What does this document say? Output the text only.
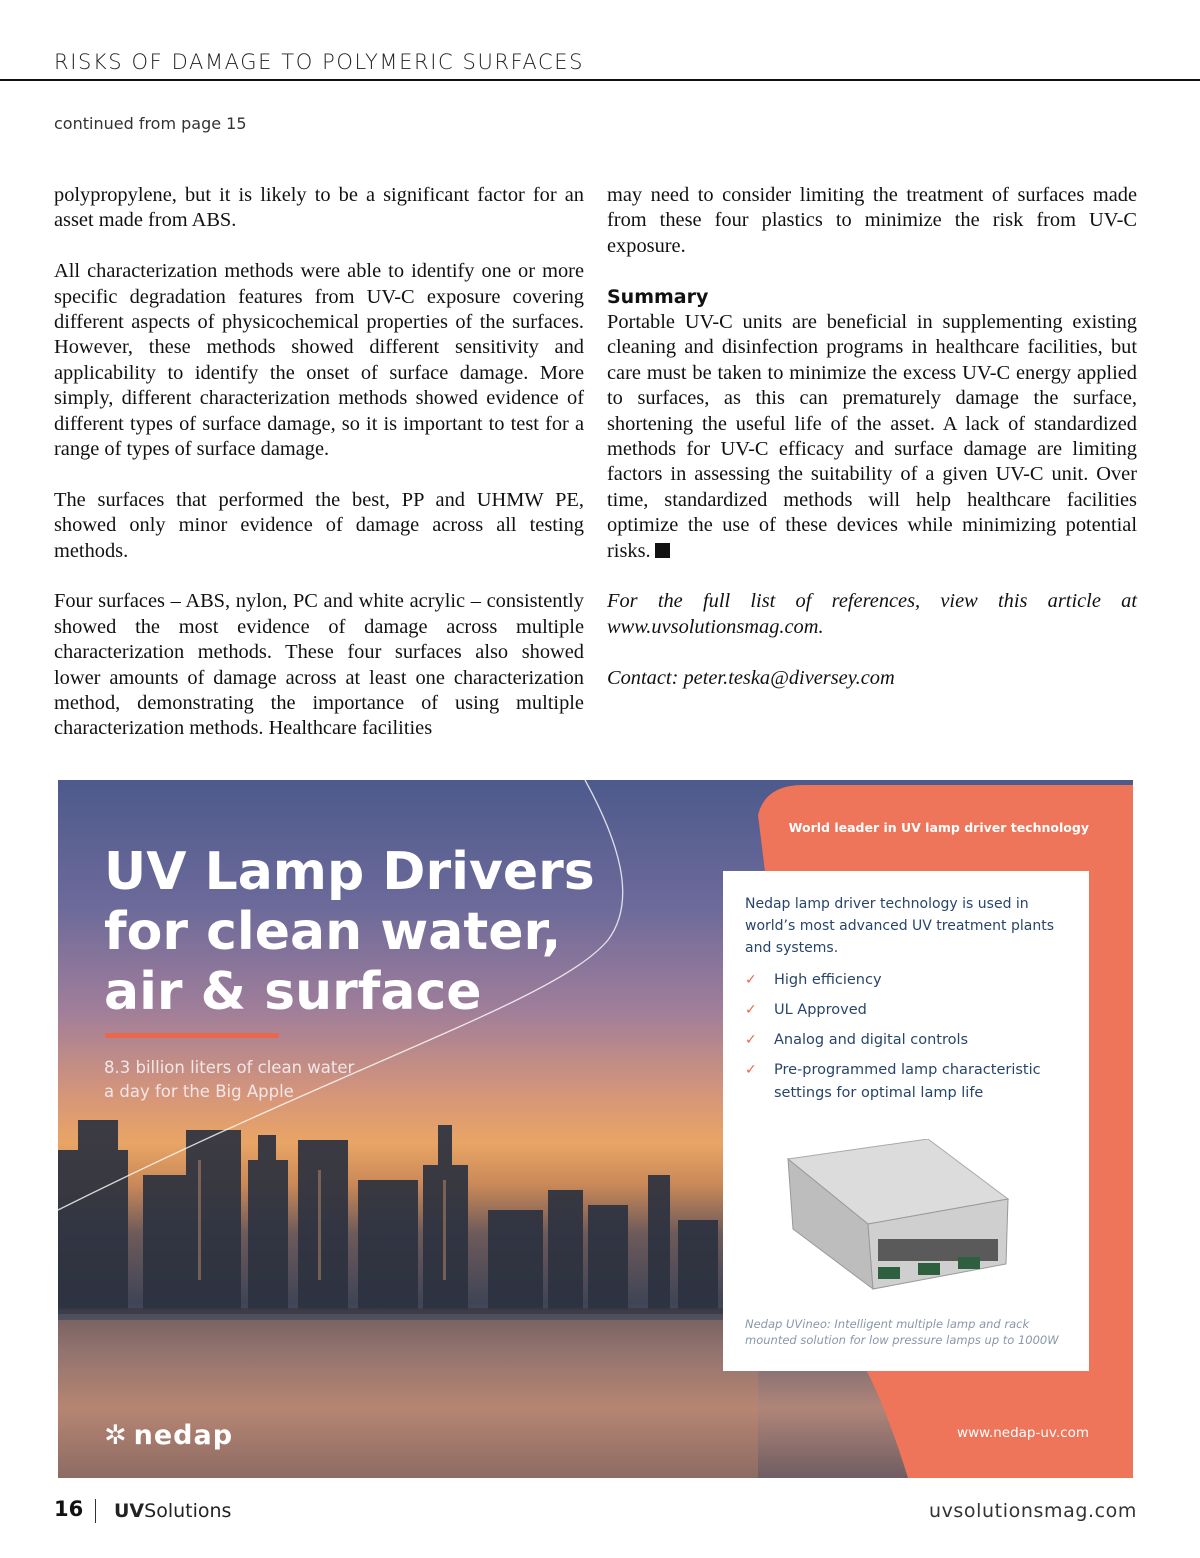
RISKS OF DAMAGE TO POLYMERIC SURFACES
continued from page 15

polypropylene, but it is likely to be a significant factor for an asset made from ABS.

All characterization methods were able to identify one or more specific degradation features from UV-C exposure covering different aspects of physicochemical properties of the surfaces. However, these methods showed different sensitivity and applicability to identify the onset of surface damage. More simply, different characterization methods showed evidence of different types of surface damage, so it is important to test for a range of types of surface damage.

The surfaces that performed the best, PP and UHMW PE, showed only minor evidence of damage across all testing methods.

Four surfaces – ABS, nylon, PC and white acrylic – consistently showed the most evidence of damage across multiple characterization methods. These four surfaces also showed lower amounts of damage across at least one characterization method, demonstrating the importance of using multiple characterization methods. Healthcare facilities

may need to consider limiting the treatment of surfaces made from these four plastics to minimize the risk from UV-C exposure.

Summary

Portable UV-C units are beneficial in supplementing existing cleaning and disinfection programs in healthcare facilities, but care must be taken to minimize the excess UV-C energy applied to surfaces, as this can prematurely damage the surface, shortening the useful life of the asset. A lack of standardized methods for UV-C efficacy and surface damage are limiting factors in assessing the suitability of a given UV-C unit. Over time, standardized methods will help healthcare facilities optimize the use of these devices while minimizing potential risks.

For the full list of references, view this article at www.uvsolutionsmag.com.

Contact: peter.teska@diversey.com

World leader in UV lamp driver technology
UV Lamp Drivers
for clean water,
air & surface
8.3 billion liters of clean water a day for the Big Apple
Nedap lamp driver technology is used in world’s most advanced UV treatment plants and systems.
✓ High efficiency
✓ UL Approved
✓ Analog and digital controls
✓ Pre-programmed lamp characteristic settings for optimal lamp life
Nedap UVineo: Intelligent multiple lamp and rack mounted solution for low pressure lamps up to 1000W
✲ nedap	www.nedap-uv.com
16 UVSolutions	uvsolutionsmag.com
